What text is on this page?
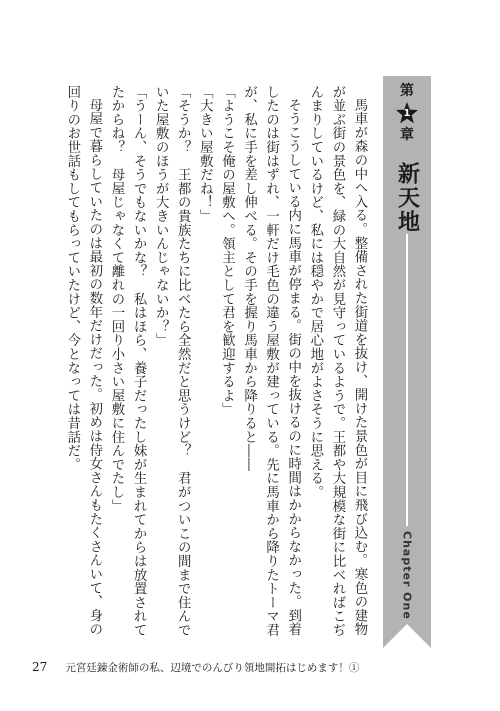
馬車が森の中へ入る。整備された街道を抜け、開けた景色が目に飛び込む。寒色の建物が並ぶ街の景色を、緑の大自然が見守っているようで。王都や大規模な街に比べればこぢんまりしているけど、私には穏やかで居心地がよさそうに思える。

そうこうしている内に馬車が停まる。街の中を抜けるのに時間はかからなかった。到着したのは街はずれ、一軒だけ毛色の違う屋敷が建っている。先に馬車から降りたトーマ君が、私に手を差し伸べる。その手を握り馬車から降りると――

「ようこそ俺の屋敷へ。領主として君を歓迎するよ」

「大きい屋敷だね！」

「そうか？　王都の貴族たちに比べたら全然だと思うけど？　君がついこの間まで住んでいた屋敷のほうが大きいんじゃないか？」

「うーん、そうでもないかな？　私はほら、養子だったし妹が生まれてからは放置されてたからね？　母屋じゃなくて離れの一回り小さい屋敷に住んでたし」

母屋で暮らしていたのは最初の数年だけだった。初めは侍女さんもたくさんいて、身の回りのお世話もしてもらっていたけど、今となっては昔話だ。	第
1
章
新天地
Chapter One
27 元宮廷錬金術師の私、辺境でのんびり領地開拓はじめます！①
